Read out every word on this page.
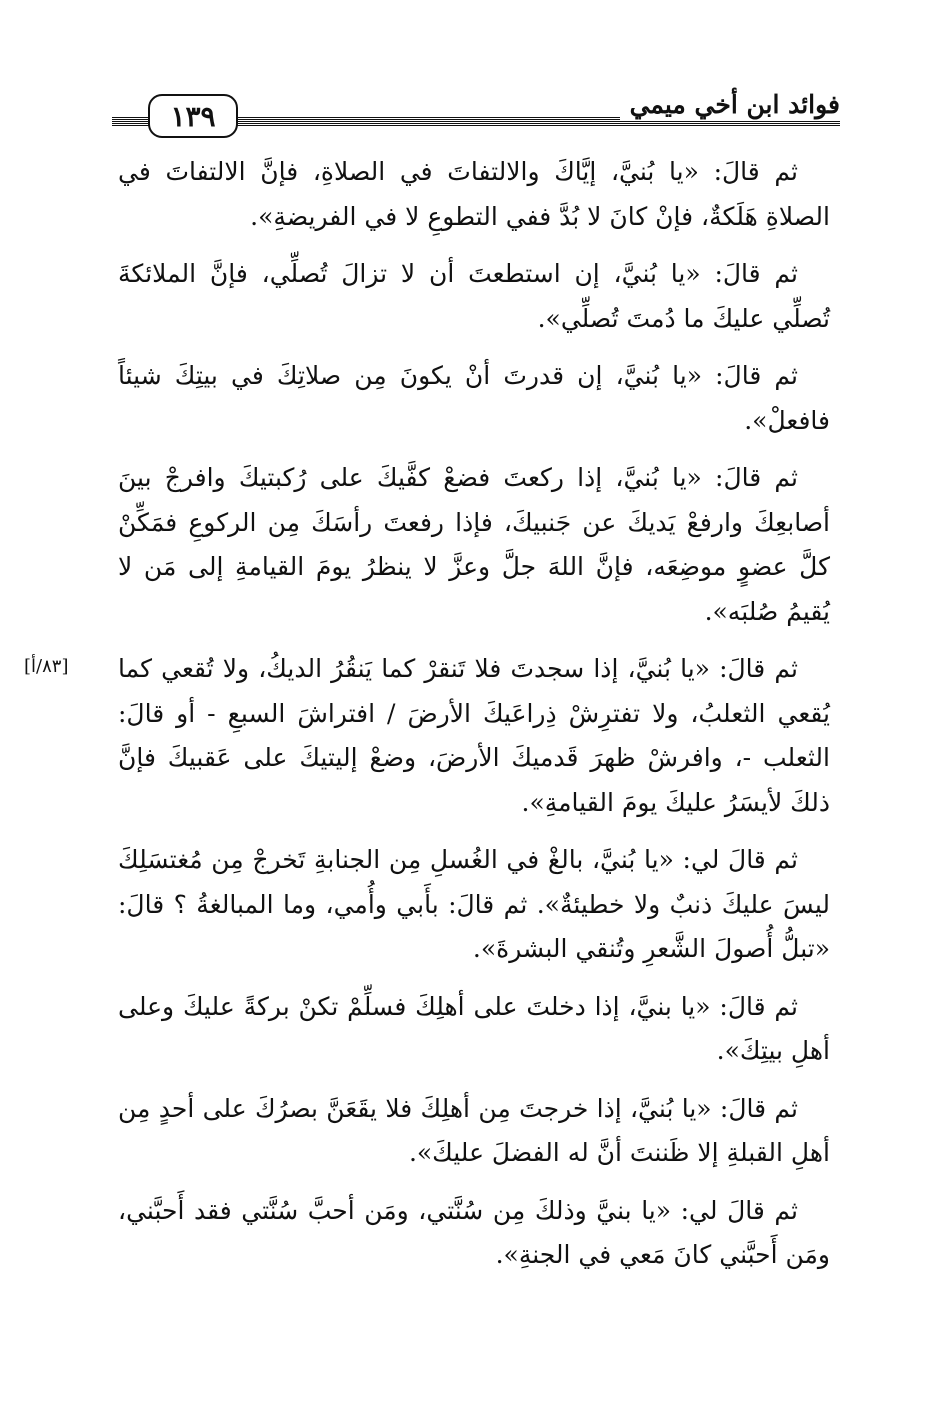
١٣٩	فوائد ابن أخي ميمي

ثم قالَ: «يا بُنيَّ، إيَّاكَ والالتفاتَ في الصلاةِ، فإنَّ الالتفاتَ في الصلاةِ هَلَكةٌ، فإنْ كانَ لا بُدَّ ففي التطوعِ لا في الفريضةِ».

ثم قالَ: «يا بُنيَّ، إن استطعتَ أن لا تزالَ تُصلِّي، فإنَّ الملائكةَ تُصلِّي عليكَ ما دُمتَ تُصلِّي».

ثم قالَ: «يا بُنيَّ، إن قدرتَ أنْ يكونَ مِن صلاتِكَ في بيتِكَ شيئاً فافعلْ».

ثم قالَ: «يا بُنيَّ، إذا ركعتَ فضعْ كفَّيكَ على رُكبتيكَ وافرجْ بينَ أصابعِكَ وارفعْ يَديكَ عن جَنبيكَ، فإذا رفعتَ رأسَكَ مِن الركوعِ فمَكِّنْ كلَّ عضوٍ موضِعَه، فإنَّ اللهَ جلَّ وعزَّ لا ينظرُ يومَ القيامةِ إلى مَن لا يُقيمُ صُلبَه».

ثم قالَ: «يا بُنيَّ، إذا سجدتَ فلا تَنقرْ كما يَنقُرُ الديكُ، ولا تُقعي كما يُقعي الثعلبُ، ولا تفترِشْ ذِراعَيكَ الأرضَ / افتراشَ السبعِ - أو قالَ: الثعلب -، وافرشْ ظهرَ قَدميكَ الأرضَ، وضعْ إليتيكَ على عَقبيكَ فإنَّ ذلكَ لأيسَرُ عليكَ يومَ القيامةِ».

ثم قالَ لي: «يا بُنيَّ، بالغْ في الغُسلِ مِن الجنابةِ تَخرجْ مِن مُغتسَلِكَ ليسَ عليكَ ذنبٌ ولا خطيئةٌ». ثم قالَ: بأَبي وأُمي، وما المبالغةُ ؟ قالَ: «تبلُّ أُصولَ الشَّعرِ وتُنقي البشرةَ».

ثم قالَ: «يا بنيَّ، إذا دخلتَ على أهلِكَ فسلِّمْ تكنْ بركةً عليكَ وعلى أهلِ بيتِكَ».

ثم قالَ: «يا بُنيَّ، إذا خرجتَ مِن أهلِكَ فلا يقَعَنَّ بصرُكَ على أحدٍ مِن أهلِ القبلةِ إلا ظَننتَ أنَّ له الفضلَ عليكَ».

ثم قالَ لي: «يا بنيَّ وذلكَ مِن سُنَّتي، ومَن أحبَّ سُنَّتي فقد أَحبَّني، ومَن أَحبَّني كانَ مَعي في الجنةِ».

[٨٣/أ]
